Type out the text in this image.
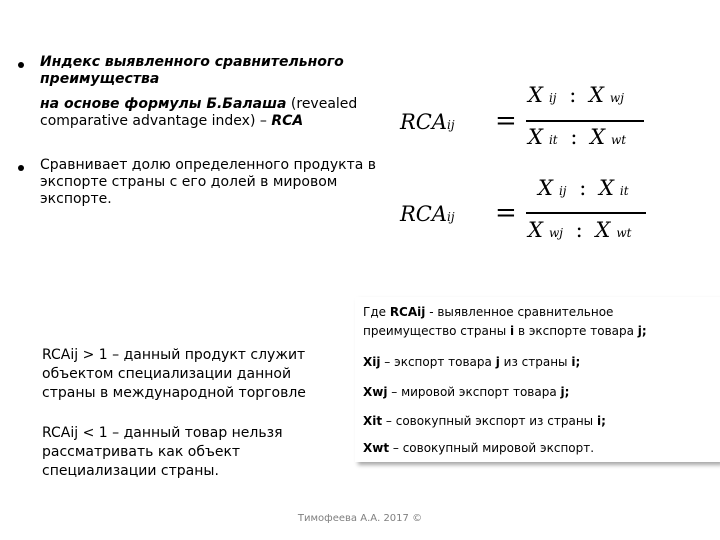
Индекс выявленного сравнительного
преимущества
на основе формулы Б.Балаша (revealed
comparative advantage index) – RCA
Сравнивает долю определенного продукта в
экспорте страны с его долей в мировом
экспорте.
RCAij =
Xij : X wj
Xit : X wt
RCAij =
Xij : X it
Xwj : X wt
RCAij > 1 – данный продукт служит
объектом специализации данной
страны в международной торговле
RCAij < 1 – данный товар нельзя
рассматривать как объект
специализации страны.

Где RCAij - выявленное сравнительное

преимущество страны i в экспорте товара j;

Xij – экспорт товара j из страны i;

Xwj – мировой экспорт товара j;

Xit – совокупный экспорт из страны i;

Xwt – совокупный мировой экспорт.

Тимофеева А.А. 2017 ©
